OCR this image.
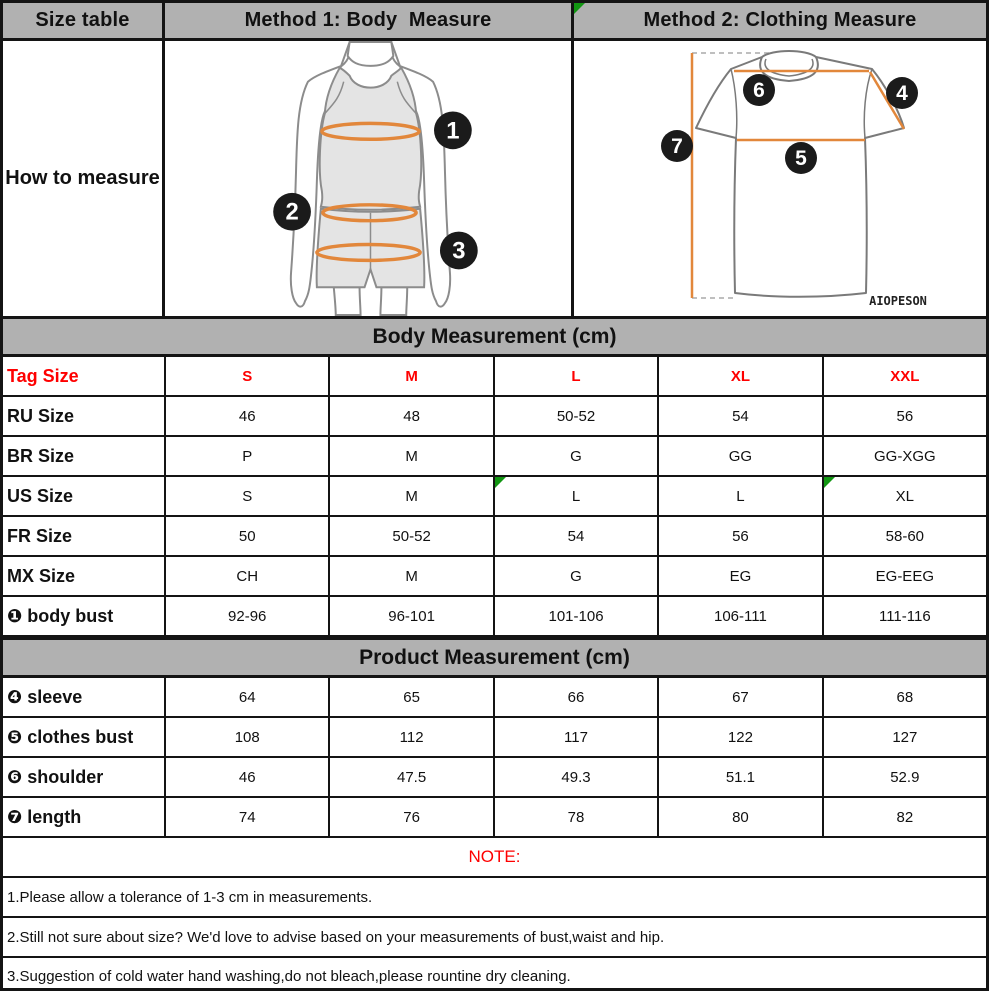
Size table	Method 1: Body  Measure	Method 2: Clothing Measure
How to measure
1
2
3
7
6	4
5
AIOPESON
Body Measurement (cm)
Tag Size	S	M	L	XL	XXL
RU Size	46	48	50-52	54	56
BR Size	P	M	G	GG	GG-XGG
US Size	S	M	L	L	XL
FR Size	50	50-52	54	56	58-60
MX Size	CH	M	G	EG	EG-EEG
❶ body bust	92-96	96-101	101-106	106-111	111-116
Product Measurement (cm)
❹ sleeve	64	65	66	67	68
❺ clothes bust	108	112	117	122	127
❻ shoulder	46	47.5	49.3	51.1	52.9
❼ length	74	76	78	80	82
NOTE:
1.Please allow a tolerance of 1-3 cm in measurements.
2.Still not sure about size? We'd love to advise based on your measurements of bust,waist and hip.
3.Suggestion of cold water hand washing,do not bleach,please rountine dry cleaning.
